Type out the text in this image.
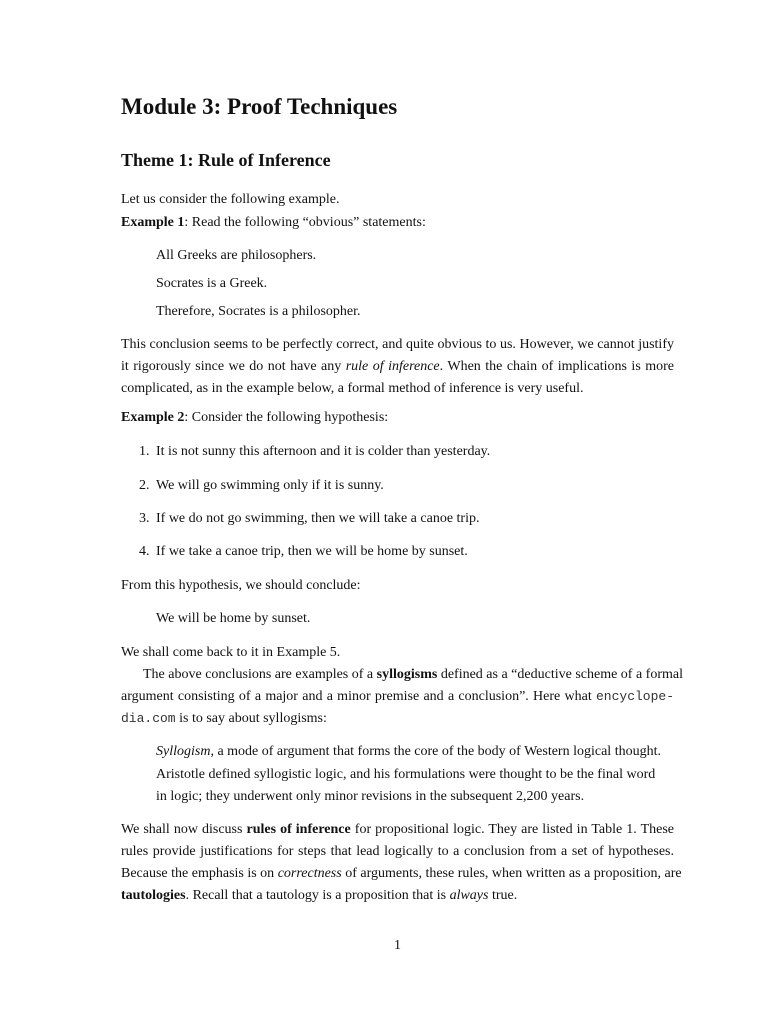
Module 3: Proof Techniques
Theme 1: Rule of Inference
Let us consider the following example.
Example 1: Read the following “obvious” statements:
All Greeks are philosophers.
Socrates is a Greek.
Therefore, Socrates is a philosopher.
This conclusion seems to be perfectly correct, and quite obvious to us. However, we cannot justify
it rigorously since we do not have any rule of inference. When the chain of implications is more
complicated, as in the example below, a formal method of inference is very useful.
Example 2: Consider the following hypothesis:
1. It is not sunny this afternoon and it is colder than yesterday.
2. We will go swimming only if it is sunny.
3. If we do not go swimming, then we will take a canoe trip.
4. If we take a canoe trip, then we will be home by sunset.
From this hypothesis, we should conclude:
We will be home by sunset.
We shall come back to it in Example 5.
The above conclusions are examples of a syllogisms defined as a “deductive scheme of a formal
argument consisting of a major and a minor premise and a conclusion”. Here what encyclope-
dia.com is to say about syllogisms:
Syllogism, a mode of argument that forms the core of the body of Western logical thought.
Aristotle defined syllogistic logic, and his formulations were thought to be the final word
in logic; they underwent only minor revisions in the subsequent 2,200 years.
We shall now discuss rules of inference for propositional logic. They are listed in Table 1. These
rules provide justifications for steps that lead logically to a conclusion from a set of hypotheses.
Because the emphasis is on correctness of arguments, these rules, when written as a proposition, are
tautologies. Recall that a tautology is a proposition that is always true.
1
